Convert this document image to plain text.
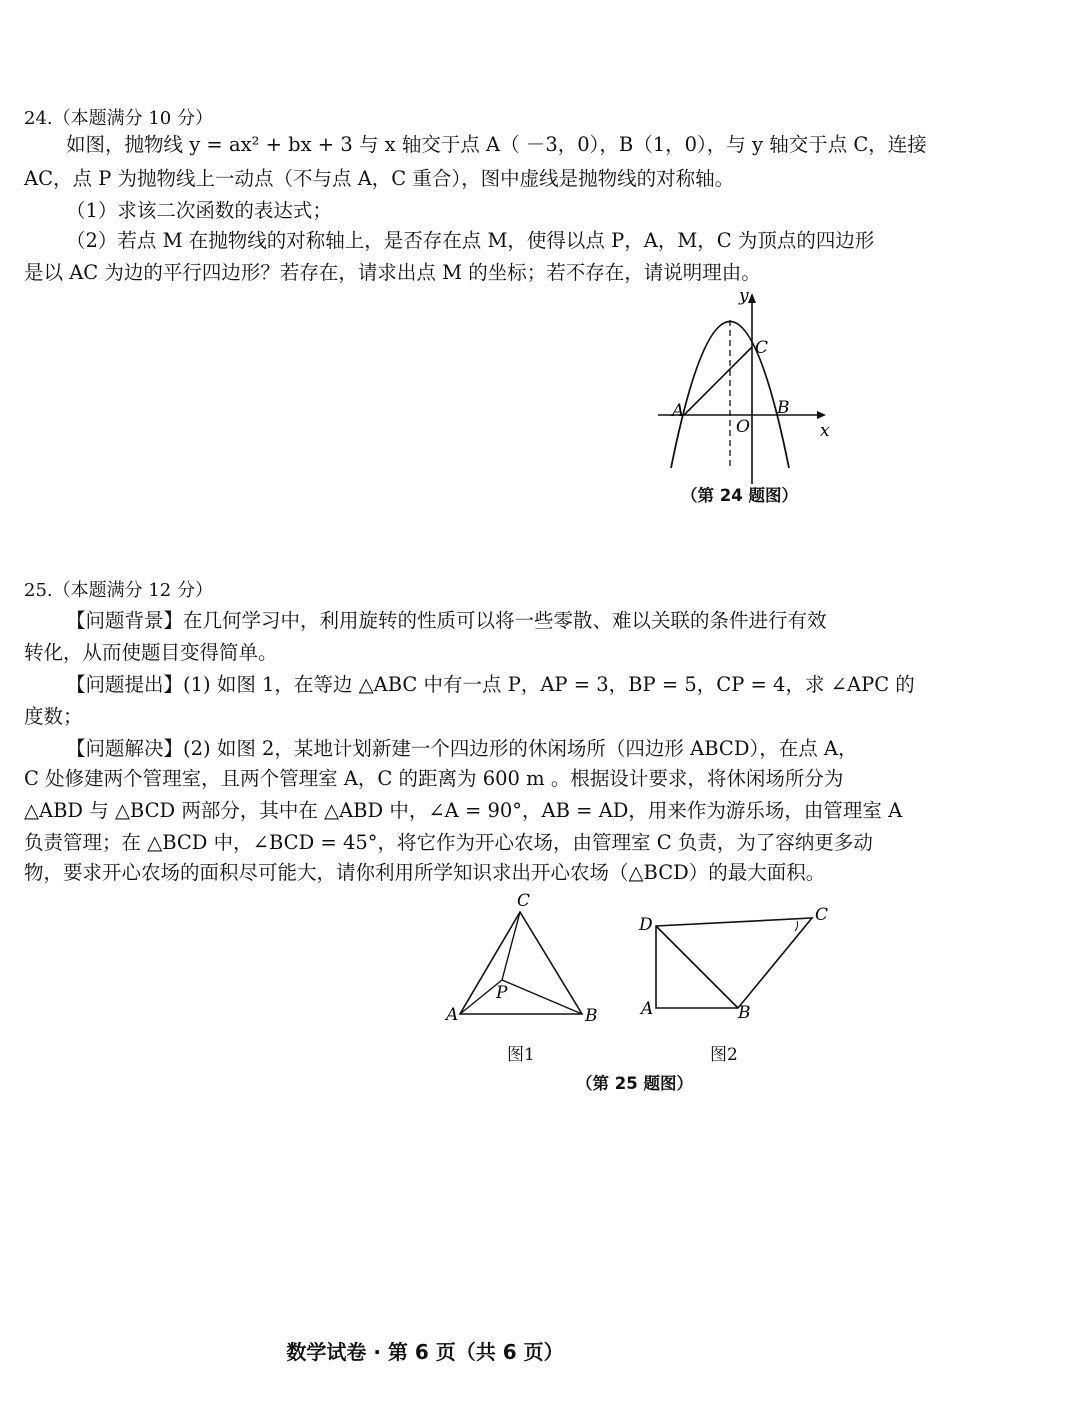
24.（本题满分 10 分）
如图，抛物线 y = ax² + bx + 3 与 x 轴交于点 A（ －3，0），B（1，0），与 y 轴交于点 C，连接
AC，点 P 为抛物线上一动点（不与点 A，C 重合），图中虚线是抛物线的对称轴。
（1）求该二次函数的表达式；
（2）若点 M 在抛物线的对称轴上，是否存在点 M，使得以点 P，A，M，C 为顶点的四边形
是以 AC 为边的平行四边形？若存在，请求出点 M 的坐标；若不存在，请说明理由。
y
x
O
A	B
C
（第 24 题图）
25.（本题满分 12 分）
【问题背景】在几何学习中，利用旋转的性质可以将一些零散、难以关联的条件进行有效
转化，从而使题目变得简单。
【问题提出】(1) 如图 1，在等边 △ABC 中有一点 P，AP = 3，BP = 5，CP = 4，求 ∠APC 的
度数；
【问题解决】(2) 如图 2，某地计划新建一个四边形的休闲场所（四边形 ABCD），在点 A，
C 处修建两个管理室，且两个管理室 A，C 的距离为 600 m 。根据设计要求，将休闲场所分为
△ABD 与 △BCD 两部分，其中在 △ABD 中，∠A = 90°，AB = AD，用来作为游乐场，由管理室 A
负责管理；在 △BCD 中，∠BCD = 45°，将它作为开心农场，由管理室 C 负责，为了容纳更多动
物，要求开心农场的面积尽可能大，请你利用所学知识求出开心农场（△BCD）的最大面积。
C
P
A	B
图1
D	C
A	B
图2
（第 25 题图）
数学试卷 · 第 6 页（共 6 页）
